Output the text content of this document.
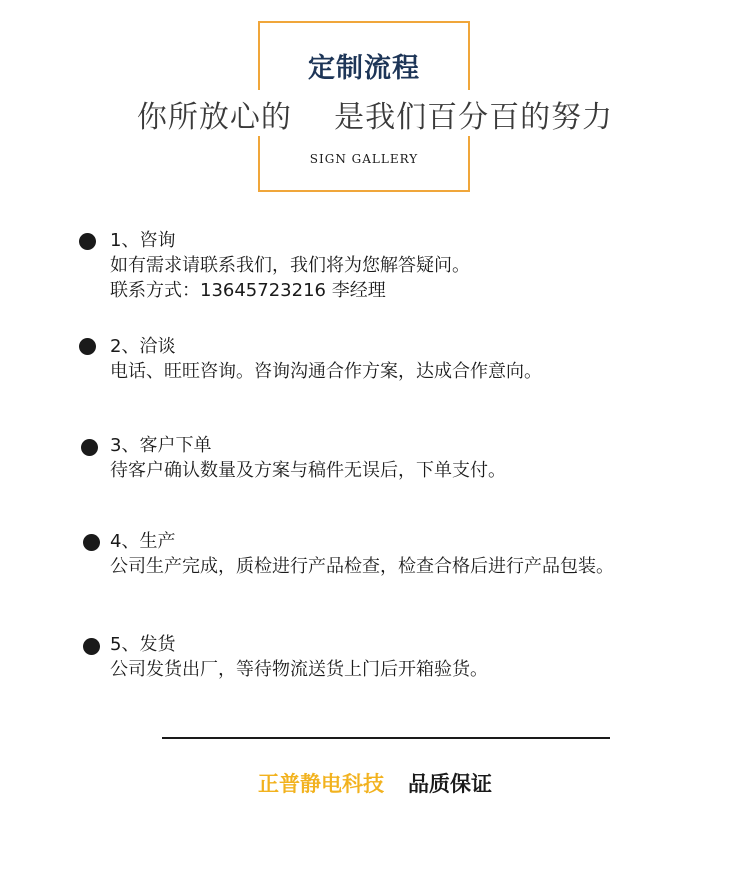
定制流程
你所放心的    是我们百分百的努力
SIGN GALLERY
1、咨询
如有需求请联系我们，我们将为您解答疑问。
联系方式：13645723216 李经理
2、洽谈
电话、旺旺咨询。咨询沟通合作方案，达成合作意向。
3、客户下单
待客户确认数量及方案与稿件无误后，下单支付。
4、生产
公司生产完成，质检进行产品检查，检查合格后进行产品包装。
5、发货
公司发货出厂，等待物流送货上门后开箱验货。
正普静电科技 品质保证
